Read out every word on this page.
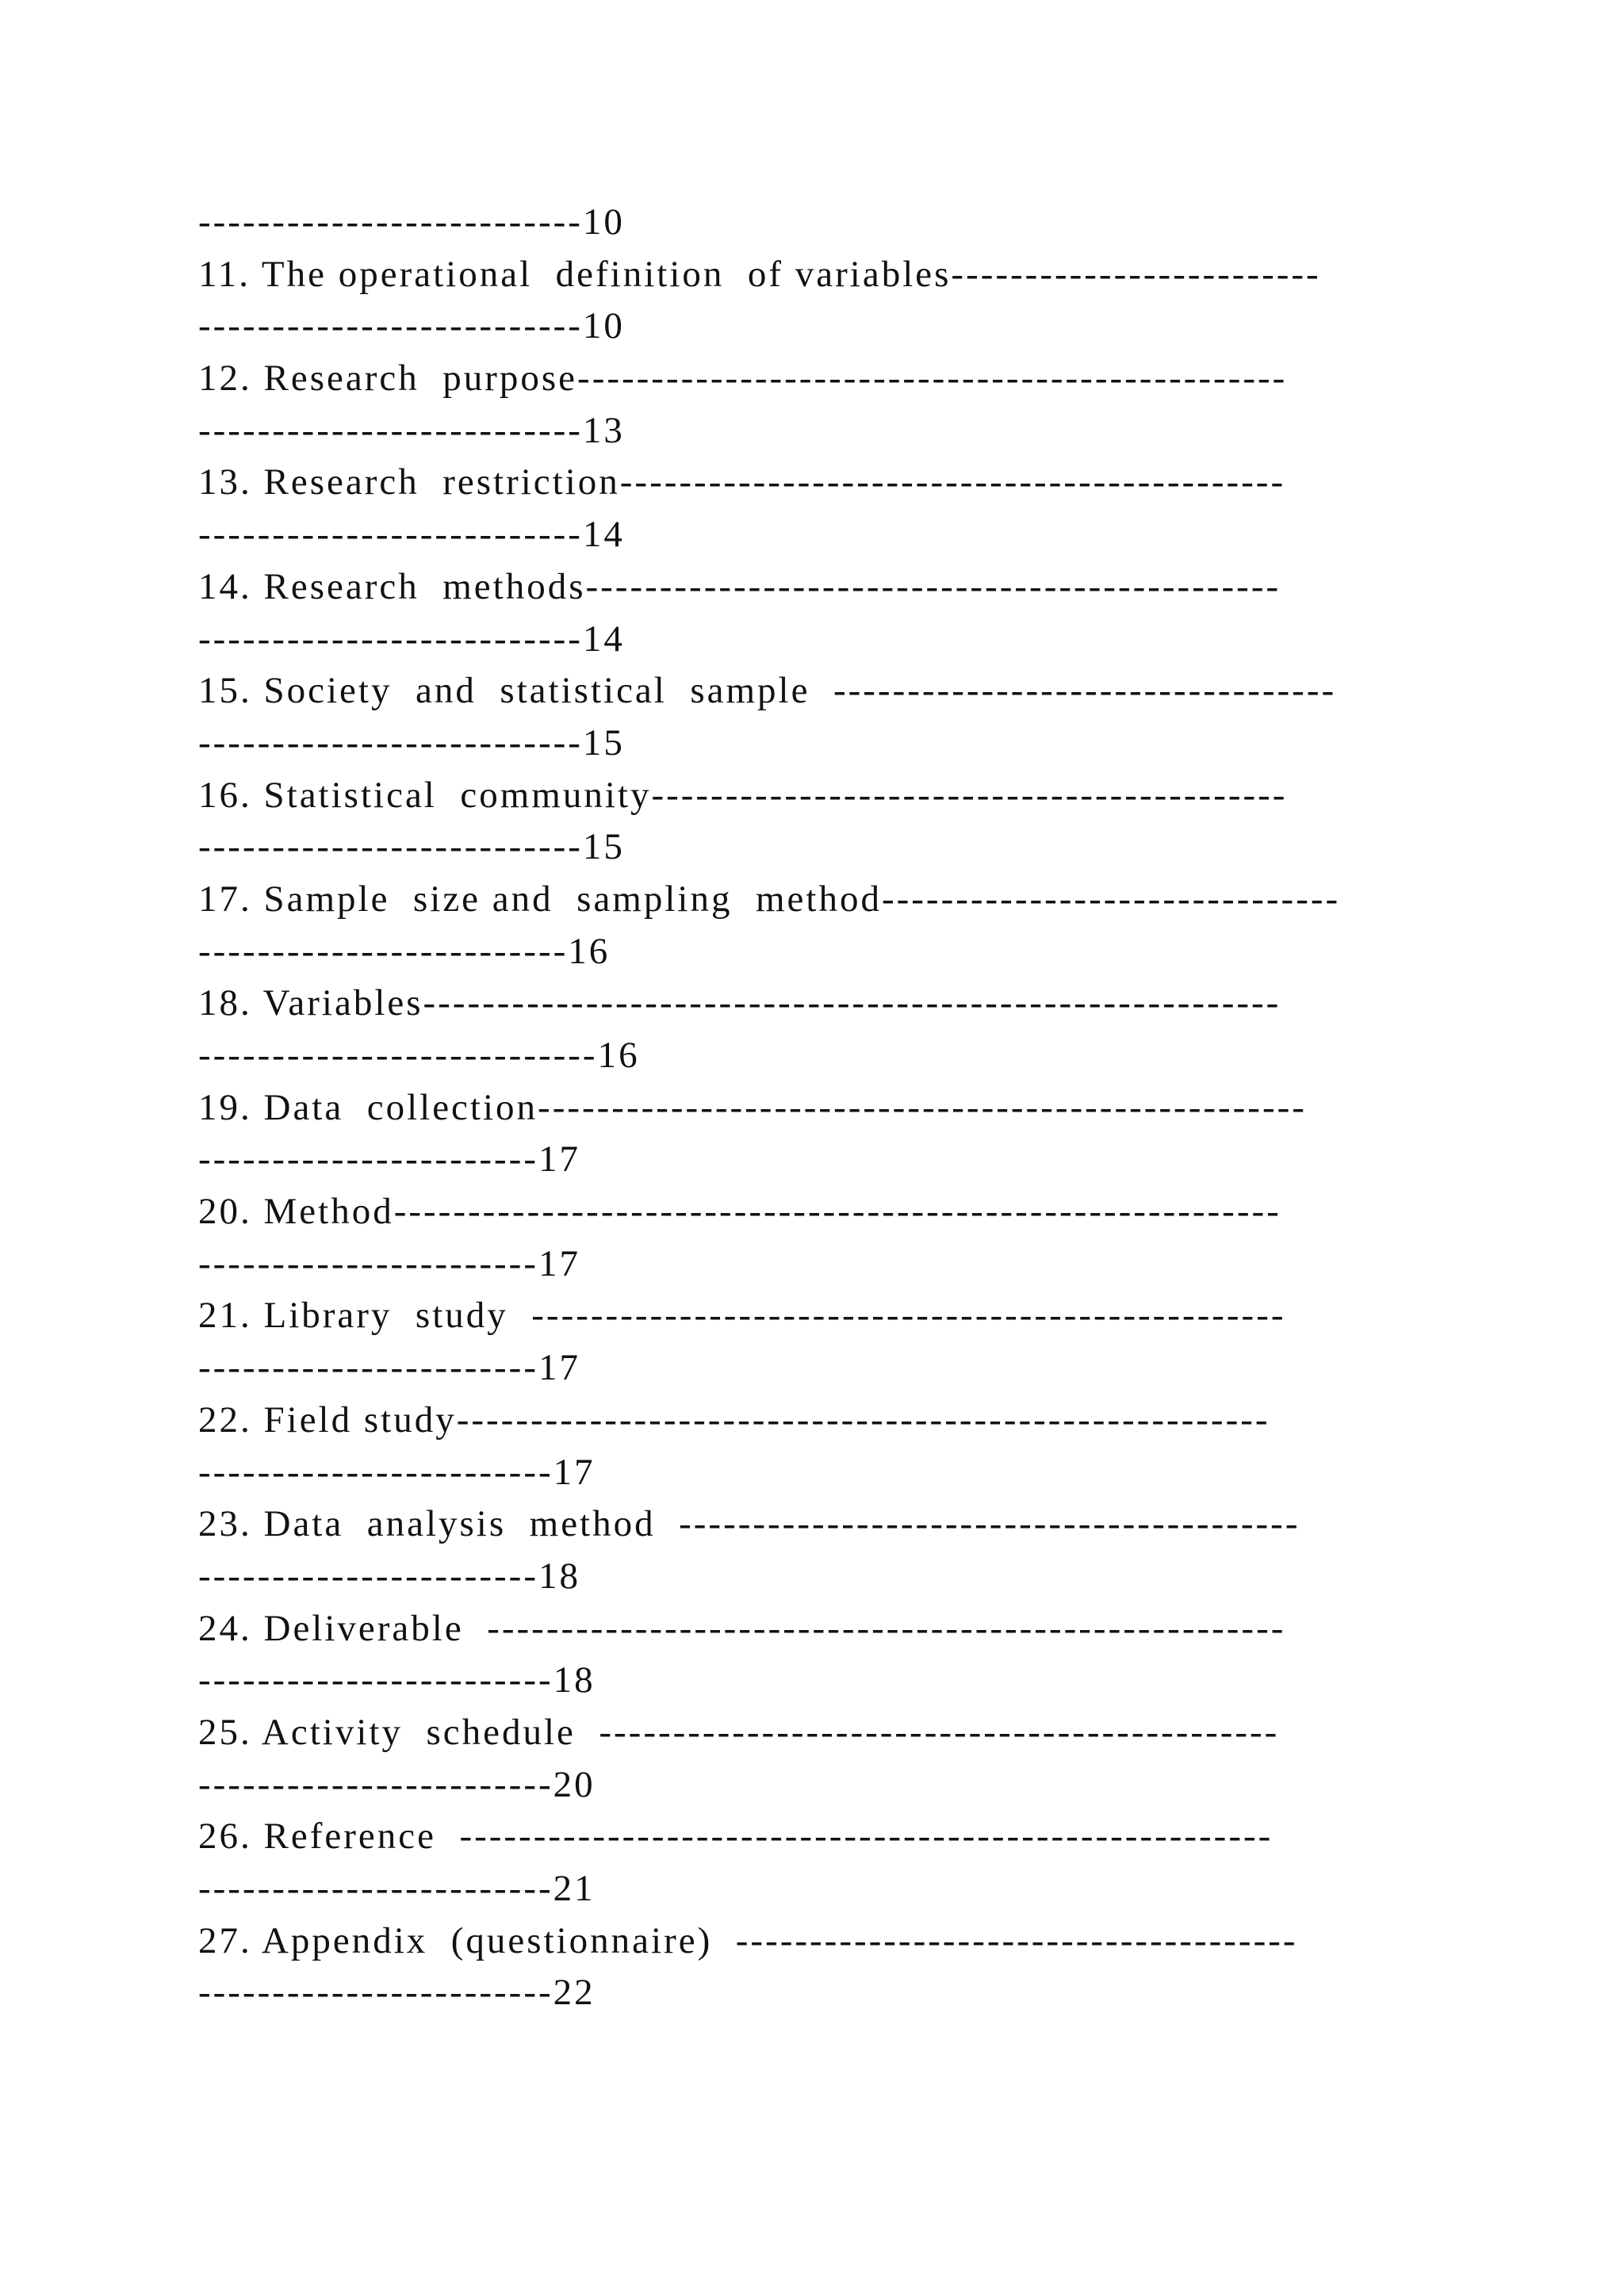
--------------------------10
11. The operational  definition  of variables-------------------------
--------------------------10
12. Research  purpose------------------------------------------------
--------------------------13
13. Research  restriction---------------------------------------------
--------------------------14
14. Research  methods-----------------------------------------------
--------------------------14
15. Society  and  statistical  sample  ----------------------------------
--------------------------15
16. Statistical  community-------------------------------------------
--------------------------15
17. Sample  size and  sampling  method-------------------------------
-------------------------16
18. Variables----------------------------------------------------------
---------------------------16
19. Data  collection----------------------------------------------------
-----------------------17
20. Method------------------------------------------------------------
-----------------------17
21. Library  study  ---------------------------------------------------
-----------------------17
22. Field study-------------------------------------------------------
------------------------17
23. Data  analysis  method  ------------------------------------------
-----------------------18
24. Deliverable  ------------------------------------------------------
------------------------18
25. Activity  schedule  ----------------------------------------------
------------------------20
26. Reference  -------------------------------------------------------
------------------------21
27. Appendix  (questionnaire)  --------------------------------------
------------------------22
